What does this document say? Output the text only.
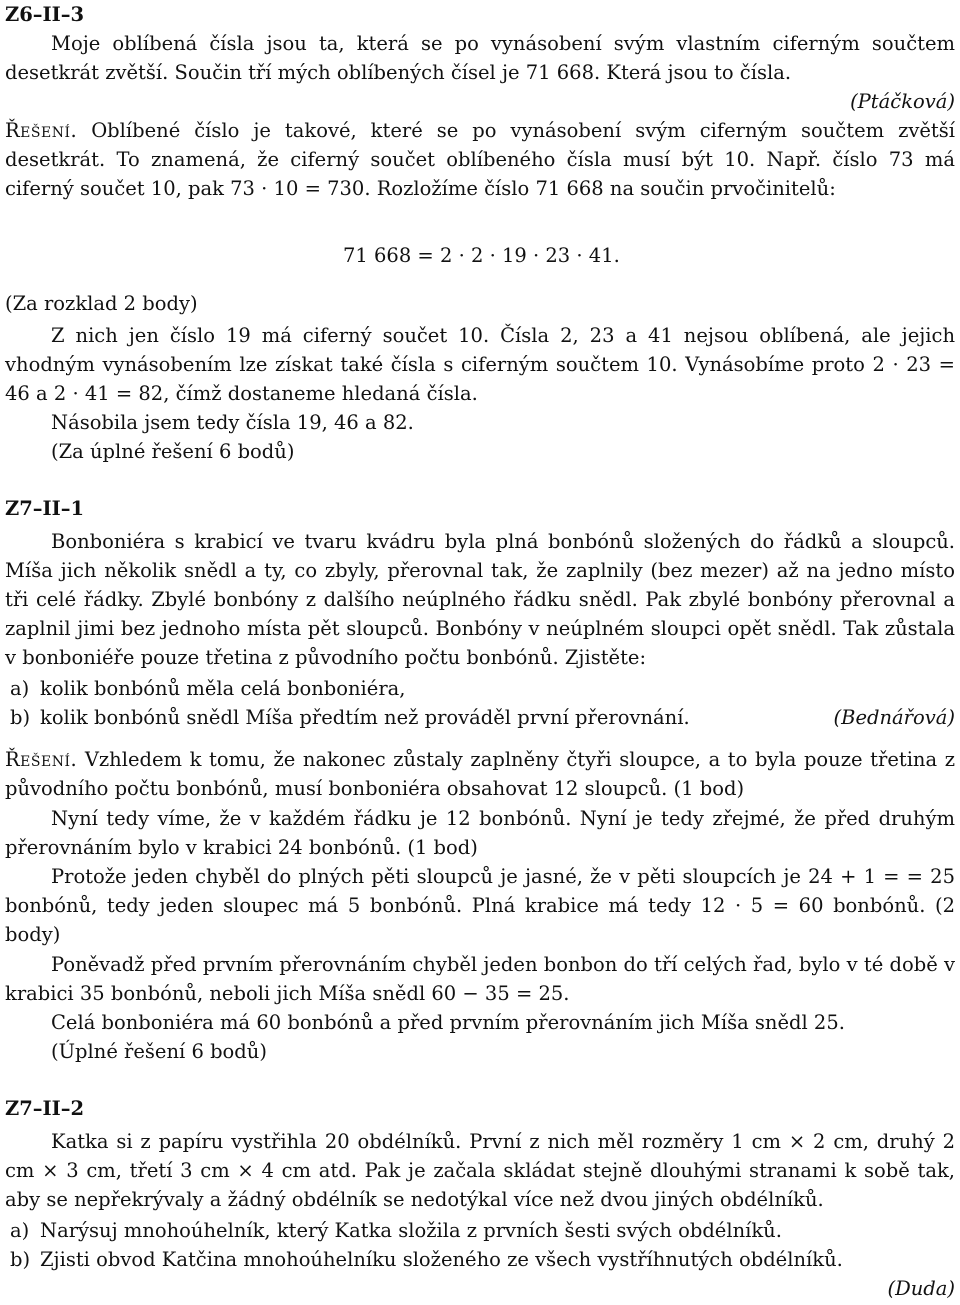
Z6–II–3

Moje oblíbená čísla jsou ta, která se po vynásobení svým vlastním ciferným součtem desetkrát zvětší. Součin tří mých oblíbených čísel je 71 668. Která jsou to čísla.

(Ptáčková)

Řešení. Oblíbené číslo je takové, které se po vynásobení svým ciferným součtem zvětší desetkrát. To znamená, že ciferný součet oblíbeného čísla musí být 10. Např. číslo 73 má ciferný součet 10, pak 73 · 10 = 730. Rozložíme číslo 71 668 na součin prvočinitelů:

71 668 = 2 · 2 · 19 · 23 · 41.
(Za rozklad 2 body)

Z nich jen číslo 19 má ciferný součet 10. Čísla 2, 23 a 41 nejsou oblíbená, ale jejich vhodným vynásobením lze získat také čísla s ciferným součtem 10. Vynásobíme proto 2 · 23 = 46 a 2 · 41 = 82, čímž dostaneme hledaná čísla.

Násobila jsem tedy čísla 19, 46 a 82.

(Za úplné řešení 6 bodů)

Z7–II–1

Bonboniéra s krabicí ve tvaru kvádru byla plná bonbónů složených do řádků a sloupců. Míša jich několik snědl a ty, co zbyly, přerovnal tak, že zaplnily (bez mezer) až na jedno místo tři celé řádky. Zbylé bonbóny z dalšího neúplného řádku snědl. Pak zbylé bonbóny přerovnal a zaplnil jimi bez jednoho místa pět sloupců. Bonbóny v neúplném sloupci opět snědl. Tak zůstala v bonboniéře pouze třetina z původního počtu bonbónů. Zjistěte:

a) kolik bonbónů měla celá bonboniéra,
b) kolik bonbónů snědl Míša předtím než prováděl první přerovnání.	(Bednářová)

Řešení. Vzhledem k tomu, že nakonec zůstaly zaplněny čtyři sloupce, a to byla pouze třetina z původního počtu bonbónů, musí bonboniéra obsahovat 12 sloupců. (1 bod)

Nyní tedy víme, že v každém řádku je 12 bonbónů. Nyní je tedy zřejmé, že před druhým přerovnáním bylo v krabici 24 bonbónů. (1 bod)

Protože jeden chyběl do plných pěti sloupců je jasné, že v pěti sloupcích je 24 + 1 = = 25 bonbónů, tedy jeden sloupec má 5 bonbónů. Plná krabice má tedy 12 · 5 = 60 bonbónů. (2 body)

Poněvadž před prvním přerovnáním chyběl jeden bonbon do tří celých řad, bylo v té době v krabici 35 bonbónů, neboli jich Míša snědl 60 − 35 = 25.

Celá bonboniéra má 60 bonbónů a před prvním přerovnáním jich Míša snědl 25.

(Úplné řešení 6 bodů)

Z7–II–2

Katka si z papíru vystřihla 20 obdélníků. První z nich měl rozměry 1 cm × 2 cm, druhý 2 cm × 3 cm, třetí 3 cm × 4 cm atd. Pak je začala skládat stejně dlouhými stranami k sobě tak, aby se nepřekrývaly a žádný obdélník se nedotýkal více než dvou jiných obdélníků.

a) Narýsuj mnohoúhelník, který Katka složila z prvních šesti svých obdélníků.
b) Zjisti obvod Katčina mnohoúhelníku složeného ze všech vystříhnutých obdélníků.
(Duda)
